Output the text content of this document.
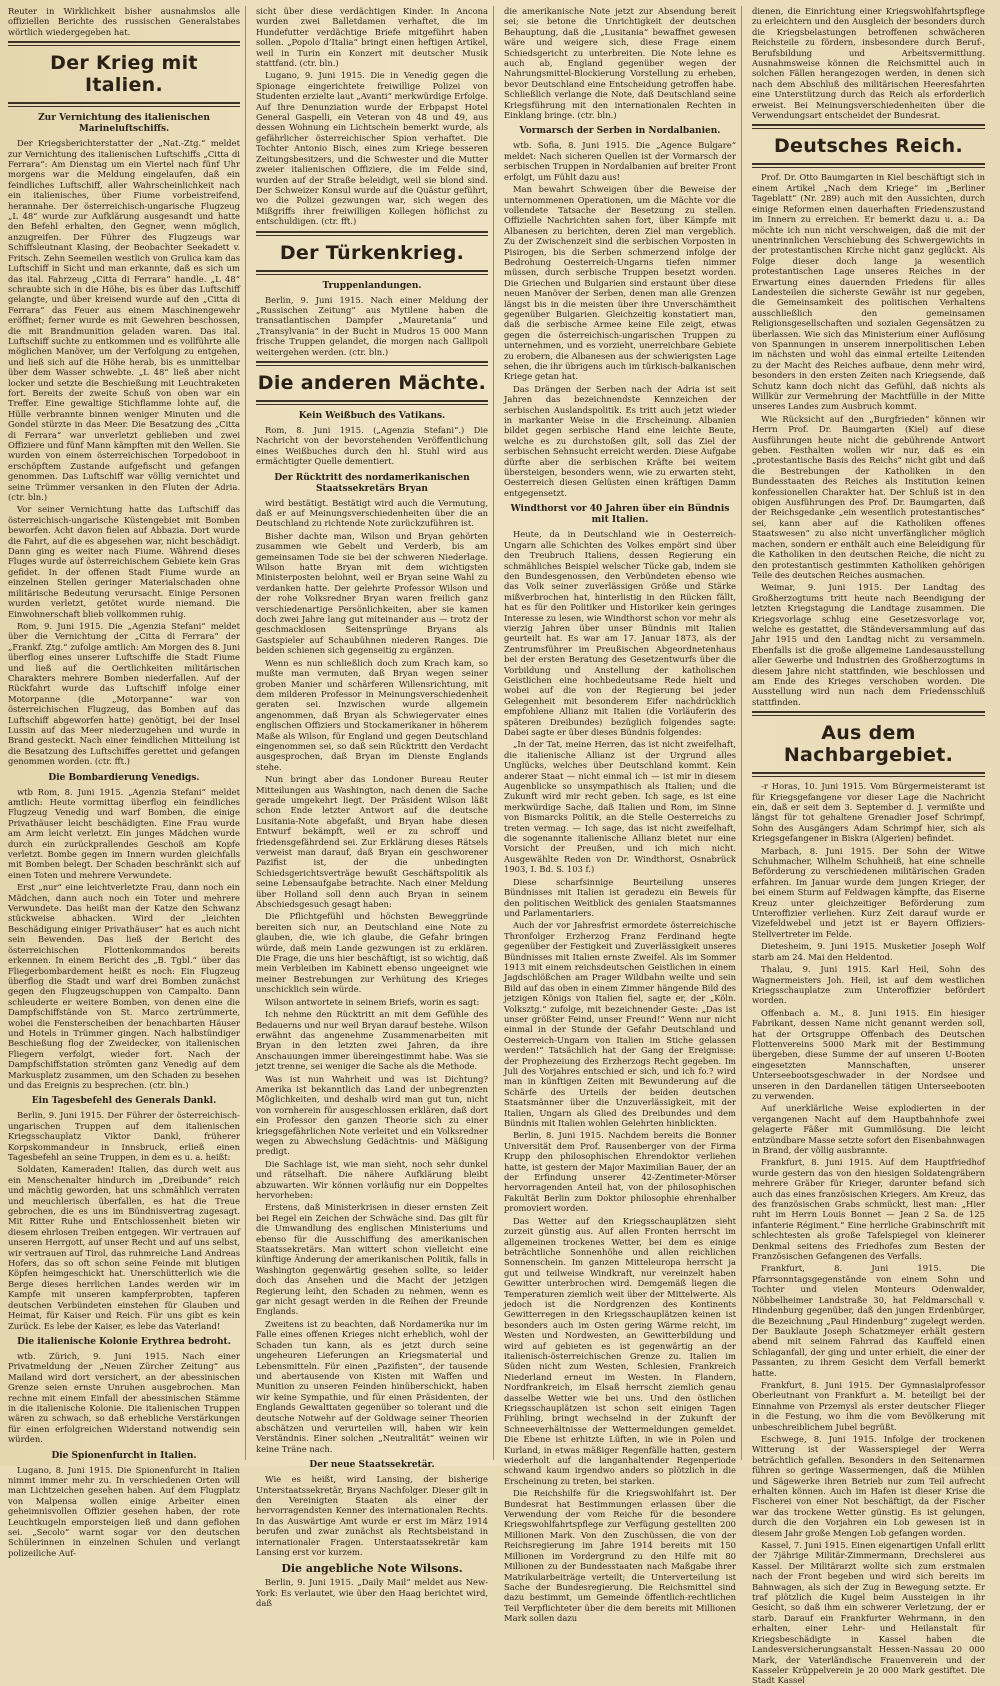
Reuter in Wirklichkeit bisher ausnahmslos alle offiziellen Berichte des russischen Generalstabes wörtlich wiedergegeben hat.

Der Krieg mit Italien.
Zur Vernichtung des italienischen Marineluftschiffs.

Der Kriegsberichterstatter der „Nat.-Ztg.“ meldet zur Vernichtung des italienischen Luftschiffs „Citta di Ferrara“: Am Dienstag um ein Viertel nach fünf Uhr morgens war die Meldung eingelaufen, daß ein feindliches Luftschiff, aller Wahrscheinlichkeit nach ein italienisches, über Fiume vorbeistreifend, herannahe. Der österreichisch-ungarische Flugzeug „L 48“ wurde zur Aufklärung ausgesandt und hatte den Befehl erhalten, den Gegner, wenn möglich, anzugreifen. Der Führer des Flugzeugs war Schiffsleutnant Klasing, der Beobachter Seekadett v. Fritsch. Zehn Seemeilen westlich von Grulica kam das Luftschiff in Sicht und man erkannte, daß es sich um das ital. Fahrzeug „Citta di Ferrara“ handle. „L 48“ schraubte sich in die Höhe, bis es über das Luftschiff gelangte, und über kreisend wurde auf den „Citta di Ferrara“ das Feuer aus einem Maschinengewehr eröffnet; ferner wurde es mit Gewehren beschossen, die mit Brandmunition geladen waren. Das ital. Luftschiff suchte zu entkommen und es vollführte alle möglichen Manöver, um der Verfolgung zu entgehen, und ließ sich auf die Höhe herab, bis es unmittelbar über dem Wasser schwebte. „L 48“ ließ aber nicht locker und setzte die Beschießung mit Leuchtraketen fort. Bereits der zweite Schuß von oben war ein Treffer. Eine gewaltige Stichflamme lohte auf, die Hülle verbrannte binnen weniger Minuten und die Gondel stürzte in das Meer. Die Besatzung des „Citta di Ferrara“ war unverletzt geblieben und zwei Offiziere und fünf Mann kämpften mit den Wellen. Sie wurden von einem österreichischen Torpedoboot in erschöpftem Zustande aufgefischt und gefangen genommen. Das Luftschiff war völlig vernichtet und seine Trümmer versanken in den Fluten der Adria. (ctr. bln.)

Vor seiner Vernichtung hatte das Luftschiff das österreichisch-ungarische Küstengebiet mit Bomben beworfen. Acht davon fielen auf Abbazia. Dort wurde die Fahrt, auf die es abgesehen war, nicht beschädigt. Dann ging es weiter nach Fiume. Während dieses Fluges wurde auf österreichischem Gebiete kein Gras gefidet. In der offenen Stadt Fiume wurde an einzelnen Stellen geringer Materialschaden ohne militärische Bedeutung verursacht. Einige Personen wurden verletzt, getötet wurde niemand. Die Einwohnerschaft blieb vollkommen ruhig.

Rom, 9. Juni 1915. Die „Agenzia Stefani“ meldet über die Vernichtung der „Citta di Ferrara“ der „Frankf. Ztg.“ zufolge amtlich: Am Morgen des 8. Juni überflog eines unserer Luftschiffe die Stadt Fiume und ließ auf die Oertlichkeiten militärischen Charakters mehrere Bomben niederfallen. Auf der Rückfahrt wurde das Luftschiff infolge einer Motorpanne (die „Motorpanne“ war von österreichischen Flugzeug, das Bomben auf das Luftschiff abgeworfen hatte) genötigt, bei der Insel Lussin auf das Meer niederzugehen und wurde in Brand gesteckt. Nach einer feindlichen Mitteilung ist die Besatzung des Luftschiffes gerettet und gefangen genommen worden. (ctr. fft.)

Die Bombardierung Venedigs.

wtb Rom, 8. Juni 1915. „Agenzia Stefani“ meldet amtlich: Heute vormittag überflog ein feindliches Flugzeug Venedig und warf Bomben, die einige Privathäuser leicht beschädigten. Eine Frau wurde am Arm leicht verletzt. Ein junges Mädchen wurde durch ein zurückprallendes Geschoß am Kopfe verletzt. Bombe gegen im Innern wurden gleichfalls mit Bomben belegt. Der Schaden beschränkt sich auf einen Toten und mehrere Verwundete.

Erst „nur“ eine leichtverletzte Frau, dann noch ein Mädchen, dann auch noch ein Toter und mehrere Verwundete. Das heißt man der Katze den Schwanz stückweise abhacken. Wird der „leichten Beschädigung einiger Privathäuser“ hat es auch nicht sein Bewenden. Das ließ der Bericht des österreichischen Flottenkommandos bereits erkennen. In einem Bericht des „B. Tgbl.“ über das Fliegerbombardement heißt es noch: Ein Flugzeug überflog die Stadt und warf drei Bomben zunächst gegen den Flugzeugschuppen von Campalto. Dann schleuderte er weitere Bomben, von denen eine die Dampfschiffstände von St. Marco zertrümmerte, wobei die Fensterscheiben der benachbarten Häuser und Hotels in Trümmer gingen. Nach halbstündiger Beschießung flog der Zweidecker, von italienischen Fliegern verfolgt, wieder fort. Nach der Dampfschiffstation strömten ganz Venedig auf dem Markusplatz zusammen, um den Schaden zu besehen und das Ereignis zu besprechen. (ctr. bln.)

Ein Tagesbefehl des Generals Dankl.

Berlin, 9. Juni 1915. Der Führer der österreichisch-ungarischen Truppen auf dem italienischen Kriegsschauplatz Viktor Dankl, früherer Korpskommandeur in Innsbruck, erließ einen Tagesbefehl an seine Truppen, in dem es u. a. heißt:

Soldaten, Kameraden! Italien, das durch weit aus ein Menschenalter hindurch im „Dreibunde“ reich und mächtig geworden, hat uns schmählich verraten und meuchlerisch überfallen, es hat die Treue gebrochen, die es uns im Bündnisvertrag zugesagt. Mit Ritter Ruhe und Entschlossenheit bieten wir diesem ehrlosen Treiben entgegen. Wir vertrauen auf unseren Herrgott, auf unser Recht und auf uns selbst, wir vertrauen auf Tirol, das ruhmreiche Land Andreas Hofers, das so oft schon seine Feinde mit blutigen Köpfen heimgeschickt hat. Unerschütterlich wie die Berge dieses herrlichen Landes werden wir im Kampfe mit unseren kampferprobten, tapferen deutschen Verbündeten einstehen für Glauben und Heimat, für Kaiser und Reich. Für uns gibt es kein Zurück. Es lebe der Kaiser, es lebe das Vaterland!

Die italienische Kolonie Erythrea bedroht.

wtb. Zürich, 9. Juni 1915. Nach einer Privatmeldung der „Neuen Zürcher Zeitung“ aus Mailand wird dort versichert, an der abessinischen Grenze seien ernste Unruhen ausgebrochen. Man rechne mit einem Einfall der abessinischen Stämme in die italienische Kolonie. Die italienischen Truppen wären zu schwach, so daß erhebliche Verstärkungen für einen erfolgreichen Widerstand notwendig sein würden.

Die Spionenfurcht in Italien.

Lugano, 8. Juni 1915. Die Spionenfurcht in Italien nimmt immer mehr zu. In verschiedenen Orten will man Lichtzeichen gesehen haben. Auf dem Flugplatz von Malpensa wollen einige Arbeiter einen geheimnisvollen Offizier gesehen haben, der rote Leuchtkugeln emporsteigen ließ und dann geflohen sei. „Secolo“ warnt sogar vor den deutschen Schülerinnen in einzelnen Schulen und verlangt polizeiliche Auf-

sicht über diese verdächtigen Kinder. In Ancona wurden zwei Balletdamen verhaftet, die im Hundefutter verdächtige Briefe mitgeführt haben sollen. „Popolo d’Italia“ bringt einen heftigen Artikel, weil in Turin ein Konzert mit deutscher Musik stattfand. (ctr. bln.)

Lugano, 9. Juni 1915. Die in Venedig gegen die Spionage eingerichtete freiwillige Polizei von Studenten erzielte laut „Avanti“ merkwürdige Erfolge. Auf Ihre Denunziation wurde der Erbpapst Hotel General Gaspelli, ein Veteran von 48 und 49, aus dessen Wohnung ein Lichtschein bemerkt wurde, als gefährlicher österreichischer Spion verhaftet. Die Tochter Antonio Bisch, eines zum Kriege besseren Zeitungsbesitzers, und die Schwester und die Mutter zweier italienischen Offiziere, die im Felde sind, wurden auf der Straße beleidigt, weil sie blond sind. Der Schweizer Konsul wurde auf die Quästur geführt, wo die Polizei gezwungen war, sich wegen des Mißgriffs ihrer freiwilligen Kollegen höflichst zu entschuldigen. (ctr. fft.)

Der Türkenkrieg.
Truppenlandungen.

Berlin, 9. Juni 1915. Nach einer Meldung der „Russischen Zeitung“ aus Mytilene haben die transatlantischen Dampfer „Mauretania“ und „Transylvania“ in der Bucht in Mudros 15 000 Mann frische Truppen gelandet, die morgen nach Gallipoli weitergehen werden. (ctr. bln.)

Die anderen Mächte.
Kein Weißbuch des Vatikans.

Rom, 8. Juni 1915. („Agenzia Stefani“.) Die Nachricht von der bevorstehenden Veröffentlichung eines Weißbuches durch den hl. Stuhl wird aus ermächtigter Quelle dementiert.

Der Rücktritt des nordamerikanischen Staatssekretärs Bryan

wird bestätigt. Bestätigt wird auch die Vermutung, daß er auf Meinungsverschiedenheiten über die an Deutschland zu richtende Note zurückzuführen ist.

Bisher dachte man, Wilson und Bryan gehörten zusammen wie Gebelt und Verderb, bis am gemeinsamen Tode sie bei der schweren Niederlage. Wilson hatte Bryan mit dem wichtigsten Ministerposten belohnt, weil er Bryan seine Wahl zu verdanken hatte. Der gelehrte Professor Wilson und der rohe Volksredner Bryan waren freilich ganz verschiedenartige Persönlichkeiten, aber sie kamen doch zwei Jahre lang gut miteinander aus — trotz der geschmacklosen Seitensprünge Bryans als Gastspieler auf Schaubühnen niederen Ranges. Die beiden schienen sich gegenseitig zu ergänzen.

Wenn es nun schließlich doch zum Krach kam, so mußte man vermuten, daß Bryan wegen seiner groben Manier und schärferen Willensrichtung, mit dem milderen Professor in Meinungsverschiedenheit geraten sei. Inzwischen wurde allgemein angenommen, daß Bryan als Schwiegervater eines englischen Offiziers und Stockamerikaner in höherem Maße als Wilson, für England und gegen Deutschland eingenommen sei, so daß sein Rücktritt den Verdacht ausgesprochen, daß Bryan im Dienste Englands stehe.

Nun bringt aber das Londoner Bureau Reuter Mitteilungen aus Washington, nach denen die Sache gerade umgekehrt liegt. Der Präsident Wilson läßt schon Ende letzter Antwort auf die deutsche Lusitania-Note abgefaßt, und Bryan habe diesen Entwurf bekämpft, weil er zu schroff und friedensgefährdend sei. Zur Erklärung dieses Rätsels verweist man darauf, daß Bryan ein geschworener Pazifist ist, der die unbedingten Schiedsgerichtsverträge bewußt Geschäftspolitik als seine Lebensaufgabe betrachte. Nach einer Meldung über Holland soll denn auch Bryan in seinem Abschiedsgesuch gesagt haben:

Die Pflichtgefühl und höchsten Beweggründe bereiten sich nur, an Deutschland eine Note zu glauben, die, wie ich glaube, die Gefahr bringen würde, daß mein Lande gezwungen ist zu erklären. Die Frage, die uns hier beschäftigt, ist so wichtig, daß mein Verbleiben im Kabinett ebenso ungeeignet wie meiner Bestrebungen zur Verhütung des Krieges unschicklich sein würde.

Wilson antwortete in seinem Briefs, worin es sagt:

Ich nehme den Rücktritt an mit dem Gefühle des Bedauerns und nur weil Bryan darauf bestehe. Wilson erwähnt das angenehme Zusammenarbeiten mit Bryan in den letzten zwei Jahren, da ihre Anschauungen immer übereingestimmt habe. Was sie jetzt trenne, sei weniger die Sache als die Methode.

Was ist nun Wahrheit und was ist Dichtung? Amerika ist bekanntlich das Land der unbegrenzten Möglichkeiten, und deshalb wird man gut tun, nicht von vornherein für ausgeschlossen erklären, daß dort ein Professor den ganzen Theorie sich zu einer kriegsgefährlichen Note verleitet und ein Volksredner wegen zu Abwechslung Gedächtnis- und Mäßigung predigt.

Die Sachlage ist, wie man sieht, noch sehr dunkel und rätselhaft. Die nähere Aufklärung bleibt abzuwarten. Wir können vorläufig nur ein Doppeltes hervorheben:

Erstens, daß Ministerkrisen in dieser ernsten Zeit bei Regel ein Zeichen der Schwäche sind. Das gilt für die Umwandlung des englischen Ministeriums und ebenso für die Ausschiffung des amerikanischen Staatssekretärs. Man wittert schon vielleicht eine künftige Änderung der amerikanischen Politik, falls in Washington gegenwärtig gesehen sollte, so leider doch das Ansehen und die Macht der jetzigen Regierung leiht, den Schaden zu nehmen, wenn es gar nicht gesagt werden in die Reihen der Freunde Englands.

Zweitens ist zu beachten, daß Nordamerika nur im Falle eines offenen Krieges nicht erheblich, wohl der Schaden tun kann, als es jetzt durch seine ungeheuren Lieferungen an Kriegsmaterial und Lebensmitteln. Für einen „Pazifisten“, der tausende und abertausende von Kisten mit Waffen und Munition zu unseren Feinden hinüberschickt, haben wir keine Sympathie, und für einen Präsidenten, der Englands Gewalttaten gegenüber so tolerant und die deutsche Notwehr auf der Goldwage seiner Theorien abschätzen und verurteilen will, haben wir kein Verständnis. Einer solchen „Neutralität“ weinen wir keine Träne nach.

Der neue Staatssekretär.

Wie es heißt, wird Lansing, der bisherige Unterstaatssekretär, Bryans Nachfolger. Dieser gilt in den Vereinigten Staaten als einer der hervorragendsten Kenner des internationalen Rechts. In das Auswärtige Amt wurde er erst im März 1914 berufen und zwar zunächst als Rechtsbeistand in internationaler Fragen. Unterstaatssekretär kam Lansing erst vor kurzem.

Die angebliche Note Wilsons.

Berlin, 9. Juni 1915. „Daily Mail“ meldet aus New-York: Es verlautet, wie über den Haag berichtet wird, daß

die amerikanische Note jetzt zur Absendung bereit sei; sie betone die Unrichtigkeit der deutschen Behauptung, daß die „Lusitania“ bewaffnet gewesen wäre und weigere sich, diese Frage einem Schiedsgericht zu unterbreiten. Die Note lehne es auch ab, England gegenüber wegen der Nahrungsmittel-Blockierung Vorstellung zu erheben, bevor Deutschland eine Entscheidung getroffen habe. Schließlich verlange die Note, daß Deutschland seine Kriegsführung mit den internationalen Rechten in Einklang bringe. (ctr. bln.)

Vormarsch der Serben in Nordalbanien.

wtb. Sofia, 8. Juni 1915. Die „Agence Bulgare“ meldet: Nach sicheren Quellen ist der Vormarsch der serbischen Truppen in Nordalbanien auf breiter Front erfolgt, um Fühlt dazu aus!

Man bewahrt Schweigen über die Beweise der unternommenen Operationen, um die Mächte vor die vollendete Tatsache der Besetzung zu stellen. Offizielle Nachrichten sahen fort, über Kämpfe mit Albanesen zu berichten, deren Ziel man vergeblich. Zu der Zwischenzeit sind die serbischen Vorposten in Pisirogen, bis die Serben schmerzend infolge der Bedrohung Oesterreich-Ungarns tiefen nimmer müssen, durch serbische Truppen besetzt worden. Die Griechen und Bulgarien sind erstaunt über diese neuen Manöver der Serben, denen man alle Grenzen längst bis in die meisten über ihre Unverschämtheit gegenüber Bulgarien. Gleichzeitig konstatiert man, daß die serbische Armee keine Eile zeigt, etwas gegen die österreichisch-ungarischen Truppen zu unternehmen, und es vorzieht, unerreichbare Gebiete zu erobern, die Albanesen aus der schwierigsten Lage sehen, die ihr übrigens auch im türkisch-balkanischen Kriege getan hat.

Das Drängen der Serben nach der Adria ist seit Jahren das bezeichnendste Kennzeichen der serbischen Auslandspolitik. Es tritt auch jetzt wieder in markanter Weise in die Erscheinung. Albanien bildet gegen serbische Hand eine leichte Beute, welche es zu durchstoßen gilt, soll das Ziel der serbischen Sehnsucht erreicht werden. Diese Aufgabe dürfte aber die serbischen Kräfte bei weitem übersteigen, besonders wenn, wie zu erwarten steht, Oesterreich diesen Gelüsten einen kräftigen Damm entgegensetzt.

Windthorst vor 40 Jahren über ein Bündnis mit Italien.

Heute, da in Deutschland wie in Oesterreich-Ungarn alle Schichten des Volkes empört sind über den Treubruch Italiens, dessen Regierung ein schmähliches Beispiel welscher Tücke gab, indem sie den Bundesgenossen, den Verbündeten ebenso wie das Volk seiner zuverlässigen Größe und Stärke mißverbrochen hat, hinterlistig in den Rücken fällt, hat es für den Politiker und Historiker kein geringes Interesse zu lesen, wie Windthorst schon vor mehr als vierzig Jahren über unser Bündnis mit Italien geurteilt hat. Es war am 17. Januar 1873, als der Zentrumsführer im Preußischen Abgeordnetenhaus bei der ersten Beratung des Gesetzentwurfs über die Vorbildung und Anstellung der katholischen Geistlichen eine hochbedeutsame Rede hielt und wobei auf die von der Regierung bei jeder Gelegenheit mit besonderem Eifer nachdrücklich empfohlene Allianz mit Italien (die Vorläuferin des späteren Dreibundes) bezüglich folgendes sagte: Dabei sagte er über dieses Bündnis folgendes:

„In der Tat, meine Herren, das ist nicht zweifelhaft, die italienische Allianz ist der Urgrund alles Unglücks, welches über Deutschland kommt. Kein anderer Staat — nicht einmal ich — ist mir in diesem Augenblicke so unsympathisch als Italien; und die Zukunft wird mir recht geben. Ich sage, es ist eine merkwürdige Sache, daß Italien und Rom, im Sinne von Bismarcks Politik, an die Stelle Oesterreichs zu treten vermag. — Ich sage, das ist nicht zweifelhaft, die sogenannte italienische Allianz bietet nur eine Vorsicht der Preußen, und ich mich nicht. Ausgewählte Reden von Dr. Windthorst, Osnabrück 1903, I. Bd. S. 103 f.)

Diese scharfsinnige Beurteilung unseres Bündnisses mit Italien ist geradezu ein Beweis für den politischen Weitblick des genialen Staatsmannes und Parlamentariers.

Auch der vor Jahresfrist ermordete österreichische Thronfolger Erzherzog Franz Ferdinand hegte gegenüber der Festigkeit und Zuverlässigkeit unseres Bündnisses mit Italien ernste Zweifel. Als im Sommer 1913 mit einem reichsdeutschen Geistlichen in einem Jagdschlößchen am Prager Wildbahn weilte und sein Bild auf das oben in einem Zimmer hängende Bild des jetzigen Königs von Italien fiel, sagte er, der „Köln. Volksztg.“ zufolge, mit bezeichnender Geste: „Das ist unser größter Feind, unser Freund!“ Wenn nur nicht einmal in der Stunde der Gefahr Deutschland und Oesterreich-Ungarn von Italien im Stiche gelassen werden!“ Tatsächlich hat der Gang der Ereignisse: der Prophezeiung des Erzherzogs Recht gegeben. Im Juli des Vorjahres entschied er sich, und ich fo.? wird man in künftigen Zeiten mit Bewunderung auf die Schärfe des Urteils der beiden deutschen Staatsmänner über die Unzuverlässigkeit, mit der Italien, Ungarn als Glied des Dreibundes und dem Bündnis mit Italien wohlen Gelehrten hinblickten.

Berlin, 8. Juni 1915. Nachdem bereits die Bonner Universität dem Prof. Rausenberger von der Firma Krupp den philosophischen Ehrendoktor verliehen hatte, ist gestern der Major Maximilian Bauer, der an der Erfindung unserer 42-Zentimeter-Mörser hervorragenden Anteil hat, von der philosophischen Fakultät Berlin zum Doktor philosophie ehrenhalber promoviert worden.

Das Wetter auf den Kriegsschauplätzen sieht zurzeit günstig aus. Auf allen Fronten herrscht im allgemeinen trockenes Wetter, bei dem es einige beträchtliche Sonnenhöhe und allen reichlichen Sonnenschein. Im ganzen Mitteleuropa herrscht ja gut und teilweise Windkraft, nur vereinzelt haben Gewitter unterbrochen wird. Demgemäß liegen die Temperaturen ziemlich weit über der Mittelwerte. Als jedoch ist die Nordgrenzen des Kontinents Gewitterregen in den Kriegsschauplätzen keinen ist besonders auch im Osten gering Wärme reicht, im Westen und Nordwesten, an Gewitterbildung und wird auf gebieten es ist gegenwärtig an der italienisch-österreichischen Grenze zu. Italien im Süden nicht zum Westen, Schlesien, Frankreich Niederland erneut im Westen. In Flandern, Nordfrankreich, im Elsaß herrscht ziemlich genau dasselbe Wetter wie bei uns. Und den östlichen Kriegsschauplätzen ist schon seit einigen Tagen Frühling, bringt wechselnd in der Zukunft der Schneeverhältnisse der Wettermeldungen gemeldet. Die Ebene ist erhitzte Lüften, in wie in Polen und Kurland, in etwas mäßiger Regenfälle hatten, gestern wiederholt auf die langanhaltender Regenperiode schwand kaum irgendwo anders so plötzlich in die Erscheinung zu treten, bei starken.

Die Reichshilfe für die Kriegswohlfahrt ist. Der Bundesrat hat Bestimmungen erlassen über die Verwendung der vom Reiche für die besondere Kriegswohlfahrtspflege zur Verfügung gestellten 200 Millionen Mark. Von den Zuschüssen, die von der Reichsregierung im Jahre 1914 bereits mit 150 Millionen im Vordergrund zu den Hilfe mit 80 Millionen zu der Bundesstaaten nach Maßgabe ihrer Matrikularbeiträge verteilt; die Unterverteilung ist Sache der Bundesregierung. Die Reichsmittel sind dazu bestimmt, um Gemeinde öffentlich-rechtlichen Teil Verpflichteter über die dem bereits mit Millionen Mark sollen dazu

dienen, die Einrichtung einer Kriegswohlfahrtspflege zu erleichtern und den Ausgleich der besonders durch die Kriegsbelastungen betroffenen schwächeren Reichsteile zu fördern, insbesondere durch Beruf-, Berufsbildung und Arbeitsvermittlung. Ausnahmsweise können die Reichsmittel auch in solchen Fällen herangezogen werden, in denen sich nach dem Abschluß des militärischen Heeresfahrten eine Unterstützung durch das Reich als erforderlich erweist. Bei Meinungsverschiedenheiten über die Verwendungsart entscheidet der Bundesrat.

Deutsches Reich.

Prof. Dr. Otto Baumgarten in Kiel beschäftigt sich in einem Artikel „Nach dem Kriege“ im „Berliner Tageblatt“ (Nr. 289) auch mit den Aussichten, durch einige Reformen einen dauerhaften Friedenszustand im Innern zu erreichen. Er bemerkt dazu u. a.: Da möchte ich nun nicht verschweigen, daß die mit der unentrinnlichen Verschiebung des Schwergewichts in der protestantischen Kirche nicht ganz geglückt. Als Folge dieser doch lange ja wesentlich protestantischen Lage unseres Reiches in der Erwartung eines dauernden Friedens für alles Landesteilen die sicherste Gewähr ist nur gegeben, die Gemeinsamkeit des politischen Verhaltens ausschließlich den gemeinsamen Religionsgesellschaften und sozialen Gegensätzen zu überlassen. Wie sich das Ministerium einer Auflösung von Spannungen in unserem innerpolitischen Leben im nächsten und wohl das einmal erteilte Leitenden zu der Macht des Reiches aufbaue, denn mehr wird, besonders in den ersten Zeiten nach Kriegsende, daß Schutz kann doch nicht das Gefühl, daß nichts als Willkür zur Vermehrung der Machtfülle in der Mitte unseres Landes zum Ausbruch kommt.

Wie Rücksicht auf den „Burgfrieden“ können wir Herrn Prof. Dr. Baumgarten (Kiel) auf diese Ausführungen heute nicht die gebührende Antwort geben. Festhalten wollen wir nur, daß es ein „protestantische Basis des Reichs“ nicht gibt und daß die Bestrebungen der Katholiken in den Bundesstaaten des Reiches als Institution keinen konfessionellen Charakter hat. Der Schluß ist in den obigen Ausführungen des Prof. Dr. Baumgarten, daß der Reichsgedanke „ein wesentlich protestantisches“ sei, kann aber auf die Katholiken offenes Staatswesen“ zu also nicht unverfänglicher möglich machen, sondern er enthält auch eine Beleidigung für die Katholiken in den deutschen Reiche, die nicht zu den protestantisch gestimmten Katholiken gehörigen Teile des deutschen Reiches ausmachen.

Weimar, 9. Juni 1915. Der Landtag des Großherzogtums tritt heute nach Beendigung der letzten Kriegstagung die Landtage zusammen. Die Kriegsvorlage schlug eine Gesetzesvorlage vor, welche es gestattet, die Ständeversammlung auf das Jahr 1915 und den Landtag nicht zu versammeln. Ebenfalls ist die große allgemeine Landesausstellung aller Gewerbe und Industrien des Großherzogtums in diesem Jahre nicht stattfinden, wie beschlossen und am Ende des Krieges verschoben worden. Die Ausstellung wird nun nach dem Friedensschluß stattfinden.

Aus dem Nachbargebiet.

-r Horas, 10. Juni 1915. Vom Bürgermeisteramt ist für Kriegsgefangene vor dieser Lage die Nachricht ein, daß er seit dem 3. September d. J. vermißte und längst für tot gehaltene Grenadier Josef Schrimpf, Sohn des Ausgängers Adam Schrimpf hier, sich als Kriegsgefangener in Biskra (Algerien) befindet.

Marbach, 8. Juni 1915. Der Sohn der Witwe Schuhmacher, Wilhelm Schuhheiß, hat eine schnelle Beförderung zu verschiedenen militärischen Graden erfahren. Im Januar wurde dem jungen Krieger, der bei einem Sturm auf Feldwagen kämpfte, das Eiserne Kreuz unter gleichzeitiger Beförderung zum Unteroffizier verliehen. Kurz Zeit darauf wurde er Vizefeldwebel und jetzt ist er Bayern Offiziers-Stellvertreter im Felde.

Dietesheim, 9. Juni 1915. Musketier Joseph Wolf starb am 24. Mai den Heldentod.

Thalau, 9. Juni 1915. Karl Heil, Sohn des Wagnermeisters Joh. Heil, ist auf dem westlichen Kriegsschauplatze zum Unteroffizier befördert worden.

Offenbach a. M., 8. Juni 1915. Ein hiesiger Fabrikant, dessen Name nicht genannt werden soll, hat der Ortsgruppe Offenbach des Deutschen Flottenvereins 5000 Mark mit der Bestimmung übergeben, diese Summe der auf unseren U-Booten eingesetzten Mannschaften, unserer Unterseebootsgeschwader in der Nordsee und unseren in den Dardanellen tätigen Unterseebooten zu verwenden.

Auf unerklärliche Weise explodierten in der vergangenen Nacht auf dem Hauptbahnhofe zwei gelagerte Fäßer mit Gummilösung. Die leicht entzündbare Masse setzte sofort den Eisenbahnwagen in Brand, der völlig ausbrannte.

Frankfurt, 8. Juni 1915. Auf dem Hauptfriedhof wurde gestern das von den hiesigen Soldatengräbern mehrere Gräber für Krieger, darunter befand sich auch das eines französischen Kriegers. Am Kreuz, das des französischen Grabs schmückt, liest man: „Hier ruht im Herrn Louis Bonnet — Jean 2 Sa. de 125 infanterie Régiment.“ Eine herrliche Grabinschrift mit schlechtesten als große Tafelspiegel von kleinerer Denkmal seitens des Friedhofes zum Besten der Französischen Gefangenen des Verfalls.

Frankfurt, 8. Juni 1915. Die Pfarrsonntagsgegenstände von einem Sohn und Tochter und vielen Monteurs Odenwalder, Nöbbelheimer Landstraße 30, hat Feldmarschall v. Hindenburg gegenüber, daß den jungen Erdenbürger, die Bezeichnung „Paul Hindenburg“ zugelegt werden. Der Bauklaute Joseph Schatzmeyer erhält gestern abend mit seinem Fahrrad das Kauffeld einen Schlaganfall, der ging und unter erhielt, die einer der Passanten, zu ihrem Gesicht dem Verfall bemerkt hatte.

Frankfurt, 8. Juni 1915. Der Gymnasialprofessor Oberleutnant von Frankfurt a. M. beteiligt bei der Einnahme von Przemysl als erster deutscher Flieger in die Festung, wo ihm die vom Bevölkerung mit unbeschreiblichem Jubel begrüßt.

Eschwege, 8. Juni 1915. Infolge der trockenen Witterung ist der Wasserspiegel der Werra beträchtlich gefallen. Besonders in den Seitenarmen führen so geringe Wassermengen, daß die Mühlen und Sägewerke ihren Betrieb nur zum Teil aufrecht erhalten können. Auch im Hafen ist dieser Krise die Fischerei von einer Not beschäftigt, da der Fischer war das trockene Wetter günstig. Es ist gelungen, durch die den Vorjahren ein Lob gewesen ist in diesem Jahr große Mengen Lob gefangen worden.

Kassel, 7. Juni 1915. Einen eigenartigen Unfall erlitt der 7jährige Militär-Zimmermann, Drechslerei aus Kassel. Der Militärarzt wollte sich zum erstmalen nach der Front begeben und wird sich bereits im Bahnwagen, als sich der Zug in Bewegung setzte. Er traf plötzlich die Kugel beim Aussteigen in ihr Gesicht, so daß ihm ein schwerer Verletzung, der er starb. Darauf ein Frankfurter Wehrmann, in den erhalten, einer Lehr- und Heilanstalt für Kriegsbeschädigte in Kassel haben die Landesversicherungsanstalt Hessen-Nassau 20 000 Mark, der Vaterländische Frauenverein und der Kasseler Krüppelverein je 20 000 Mark gestiftet. Die Stadt Kassel
